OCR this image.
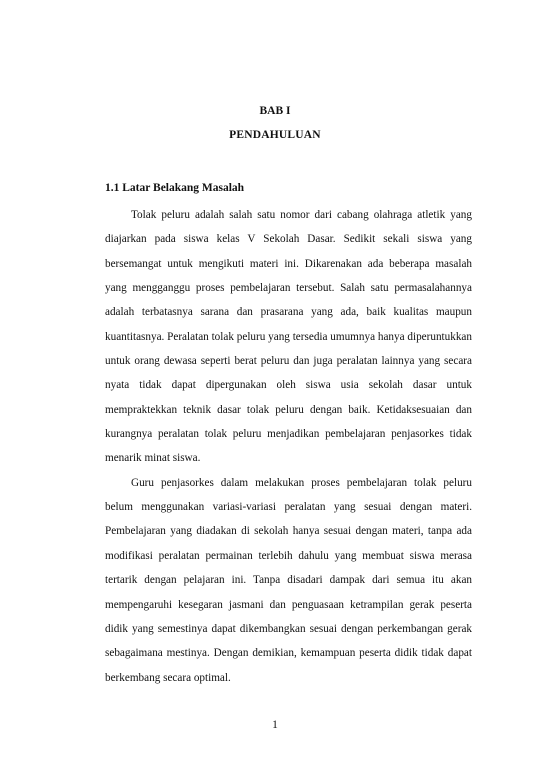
BAB I
PENDAHULUAN
1.1 Latar Belakang Masalah

Tolak peluru adalah salah satu nomor dari cabang olahraga atletik yang diajarkan pada siswa kelas V Sekolah Dasar. Sedikit sekali siswa yang bersemangat untuk mengikuti materi ini. Dikarenakan ada beberapa masalah yang mengganggu proses pembelajaran tersebut. Salah satu permasalahannya adalah terbatasnya sarana dan prasarana yang ada, baik kualitas maupun kuantitasnya. Peralatan tolak peluru yang tersedia umumnya hanya diperuntukkan untuk orang dewasa seperti berat peluru dan juga peralatan lainnya yang secara nyata tidak dapat dipergunakan oleh siswa usia sekolah dasar untuk mempraktekkan teknik dasar tolak peluru dengan baik. Ketidaksesuaian dan kurangnya peralatan tolak peluru menjadikan pembelajaran penjasorkes tidak menarik minat siswa.

Guru penjasorkes dalam melakukan proses pembelajaran tolak peluru belum menggunakan variasi-variasi peralatan yang sesuai dengan materi. Pembelajaran yang diadakan di sekolah hanya sesuai dengan materi, tanpa ada modifikasi peralatan permainan terlebih dahulu yang membuat siswa merasa tertarik dengan pelajaran ini. Tanpa disadari dampak dari semua itu akan mempengaruhi kesegaran jasmani dan penguasaan ketrampilan gerak peserta didik yang semestinya dapat dikembangkan sesuai dengan perkembangan gerak sebagaimana mestinya. Dengan demikian, kemampuan peserta didik tidak dapat berkembang secara optimal.

1
